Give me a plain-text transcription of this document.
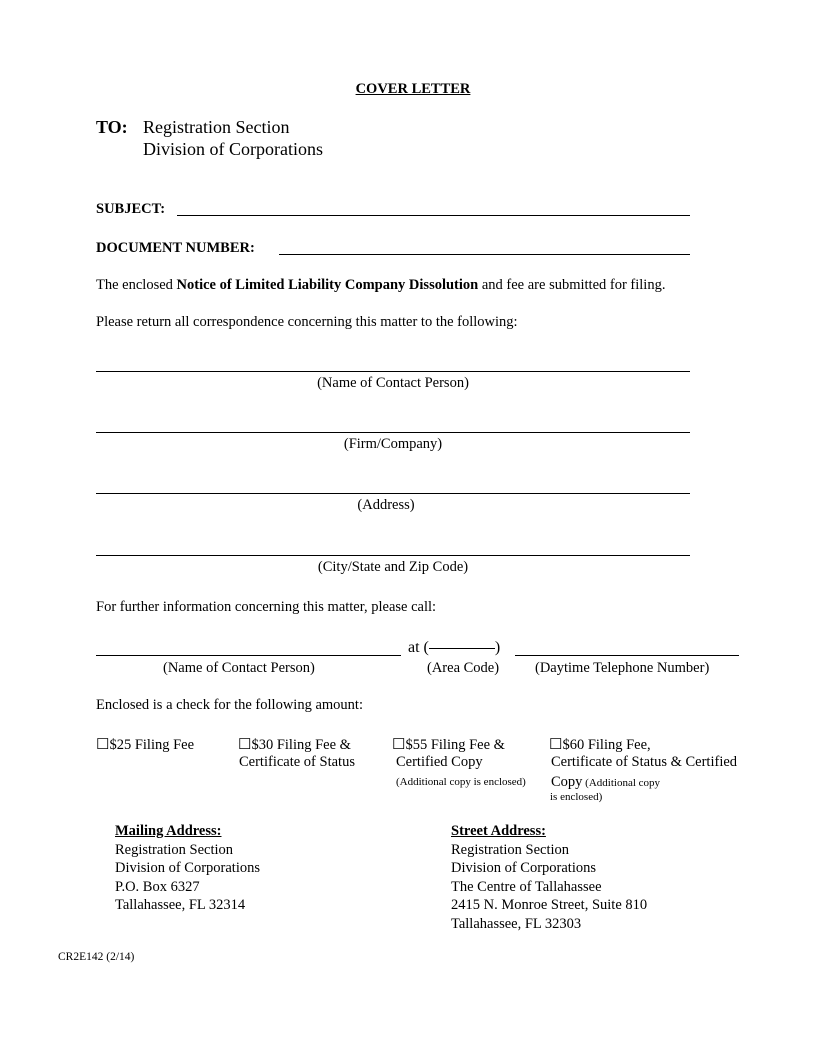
COVER LETTER
TO: Registration Section
Division of Corporations
SUBJECT:
DOCUMENT NUMBER:
The enclosed Notice of Limited Liability Company Dissolution and fee are submitted for filing.
Please return all correspondence concerning this matter to the following:
(Name of Contact Person)
(Firm/Company)
(Address)
(City/State and Zip Code)
For further information concerning this matter, please call:
at (	)
(Name of Contact Person)	(Area Code) (Daytime Telephone Number)
Enclosed is a check for the following amount:
☐$25 Filing Fee	☐$30 Filing Fee &
Certificate of Status
☐$55 Filing Fee &
Certified Copy
(Additional copy is enclosed)
☐$60 Filing Fee,
Certificate of Status & Certified
Copy (Additional copy
is enclosed)
Mailing Address:
Registration Section
Division of Corporations
P.O. Box 6327
Tallahassee, FL 32314
Street Address:
Registration Section
Division of Corporations
The Centre of Tallahassee
2415 N. Monroe Street, Suite 810
Tallahassee, FL 32303
CR2E142 (2/14)
